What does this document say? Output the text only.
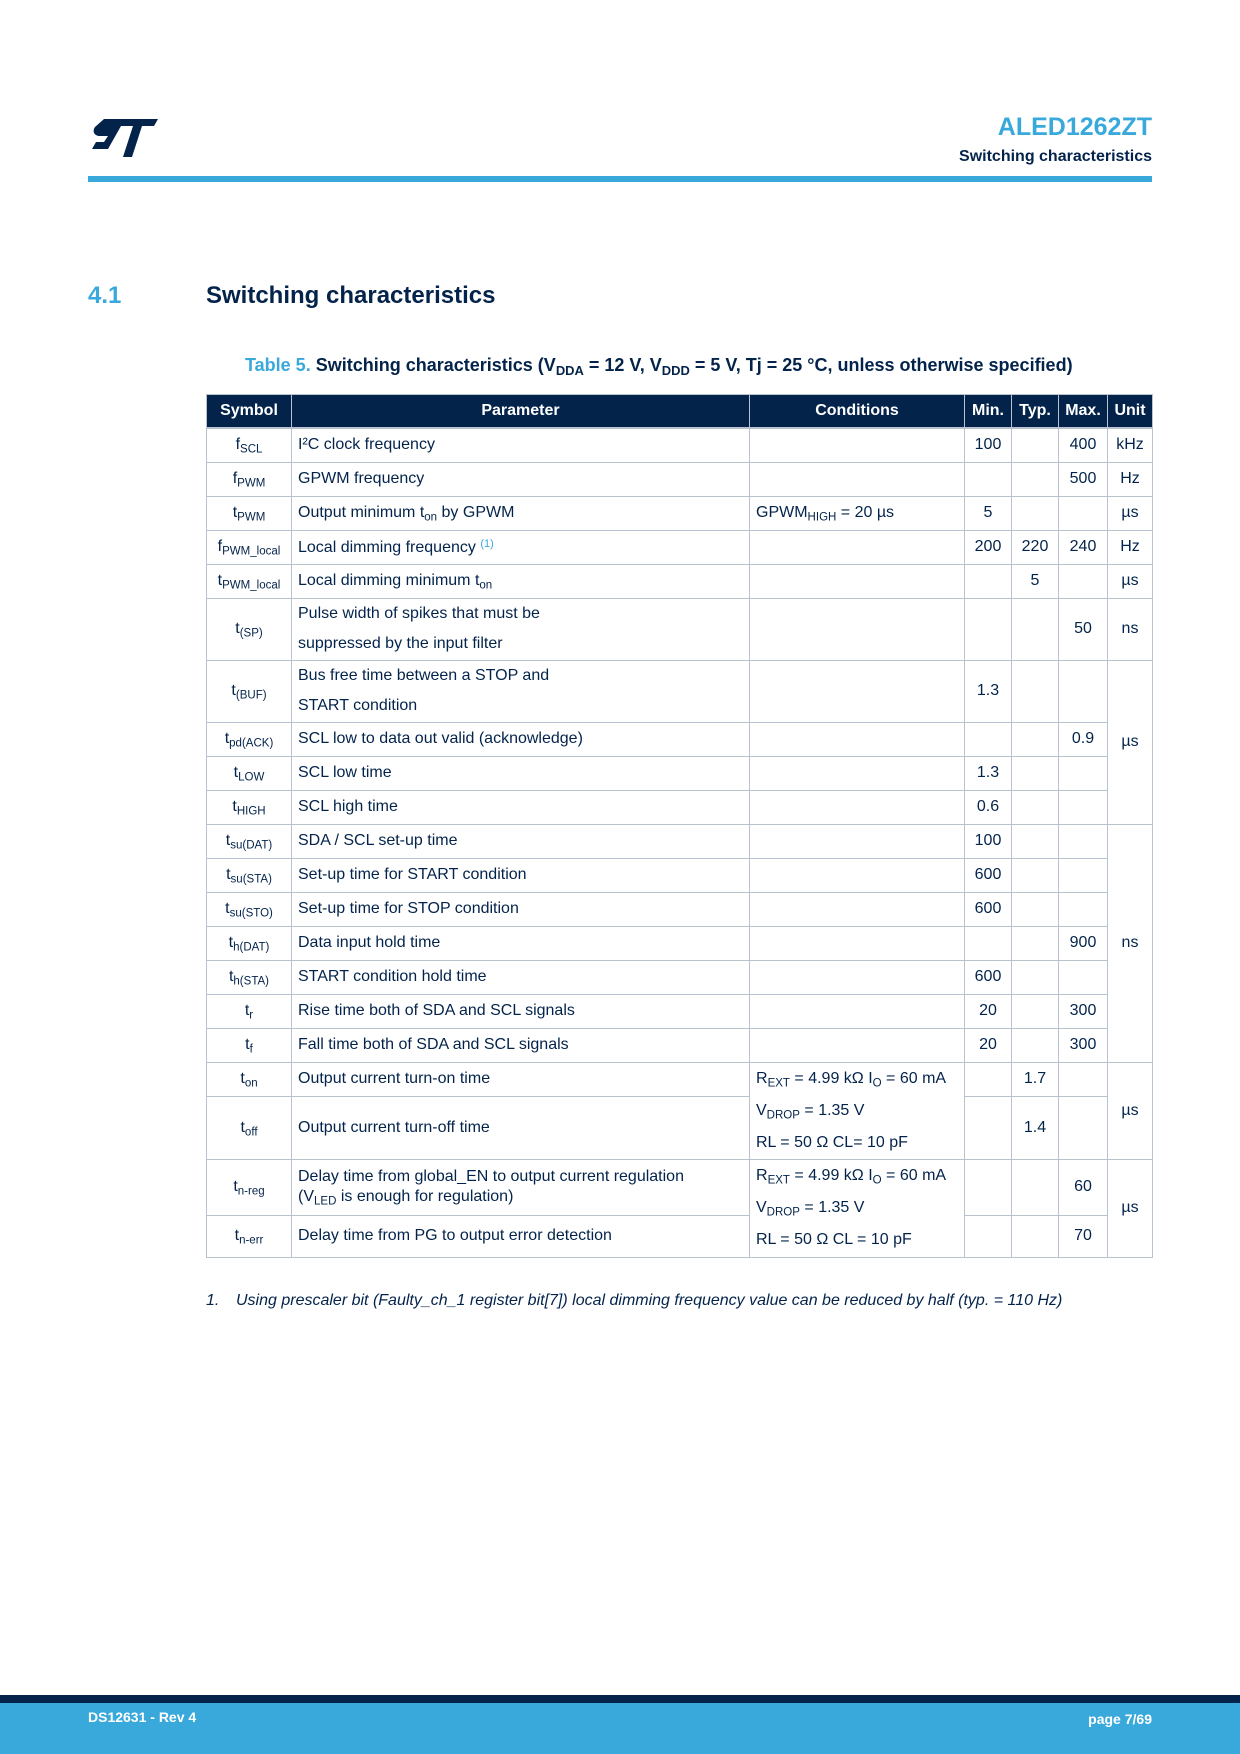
ALED1262ZT
Switching characteristics
4.1	Switching characteristics
Table 5. Switching characteristics ($V_{DDA} = 12$ V, $V_{DDD} = 5$ V, Tj = 25 °C, unless otherwise specified)
Symbol	Parameter	Conditions	Min.	Typ.	Max.	Unit
$f_{SCL}$	I²C clock frequency		100		400	kHz
$f_{PWM}$	GPWM frequency				500	Hz
$t_{PWM}$	Output minimum $t_{on}$ by GPWM	$GPWM_{HIGH} = 20$ µs	5			µs
$f_{PWM\_local}$	Local dimming frequency $^{(1)}$		200	220	240	Hz
$t_{PWM\_local}$	Local dimming minimum $t_{on}$			5		µs
$t_{(SP)}$	Pulse width of spikes that must be
suppressed by the input filter				50	ns
$t_{(BUF)}$	Bus free time between a STOP and
START condition		1.3			µs
$t_{pd(ACK)}$	SCL low to data out valid (acknowledge)				0.9	
$t_{LOW}$	SCL low time		1.3			
$t_{HIGH}$	SCL high time		0.6			
$t_{su(DAT)}$	SDA / SCL set-up time		100			ns
$t_{su(STA)}$	Set-up time for START condition		600			
$t_{su(STO)}$	Set-up time for STOP condition		600			
$t_{h(DAT)}$	Data input hold time				900	
$t_{h(STA)}$	START condition hold time		600			
$t_r$	Rise time both of SDA and SCL signals		20		300	
$t_f$	Fall time both of SDA and SCL signals		20		300	
$t_{on}$	Output current turn-on time	$R_{EXT} = 4.99$ kΩ $I_O = 60$ mA
$V_{DROP} = 1.35$ V
RL = 50 Ω CL= 10 pF		1.7		µs
$t_{off}$	Output current turn-off time			1.4		
$t_{n-reg}$	Delay time from global_EN to output current regulation
($V_{LED}$ is enough for regulation)	$R_{EXT} = 4.99$ kΩ $I_O = 60$ mA
$V_{DROP} = 1.35$ V
RL = 50 Ω CL = 10 pF			60	µs
$t_{n-err}$	Delay time from PG to output error detection				70	
1. Using prescaler bit (Faulty_ch_1 register bit[7]) local dimming frequency value can be reduced by half (typ. = 110 Hz)
DS12631 - Rev 4	page 7/69
